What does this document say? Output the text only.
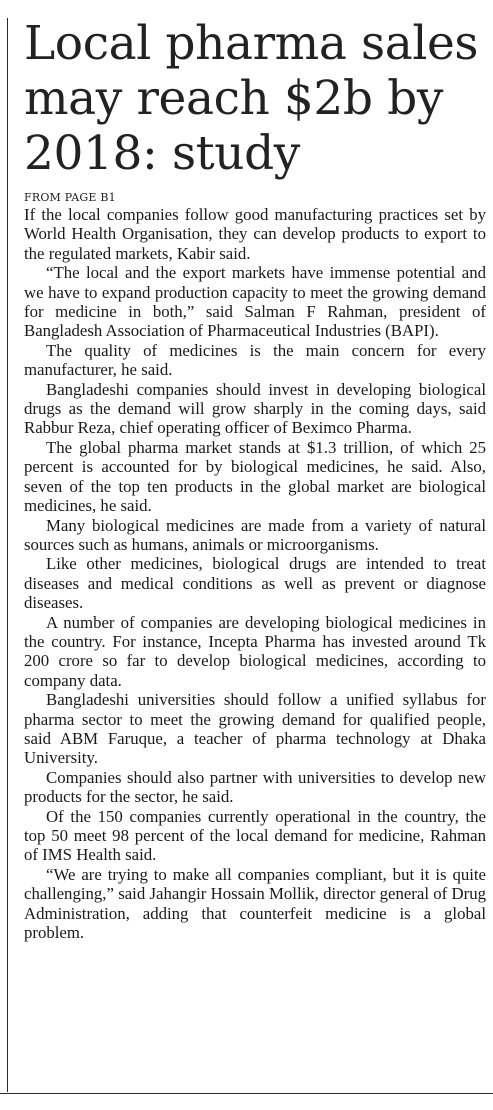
Local pharma sales
may reach $2b by
2018: study
FROM PAGE B1

If the local companies follow good manufacturing practices set by World Health Organisation, they can develop products to export to the regulated markets, Kabir said.

“The local and the export markets have immense potential and we have to expand production capacity to meet the growing demand for medicine in both,” said Salman F Rahman, president of Bangladesh Association of Pharmaceutical Industries (BAPI).

The quality of medicines is the main concern for every manufacturer, he said.

Bangladeshi companies should invest in developing biological drugs as the demand will grow sharply in the coming days, said Rabbur Reza, chief operating officer of Beximco Pharma.

The global pharma market stands at $1.3 trillion, of which 25 percent is accounted for by biological medicines, he said. Also, seven of the top ten products in the global market are biological medicines, he said.

Many biological medicines are made from a variety of natural sources such as humans, animals or microorganisms.

Like other medicines, biological drugs are intended to treat diseases and medical conditions as well as prevent or diagnose diseases.

A number of companies are developing biological medicines in the country. For instance, Incepta Pharma has invested around Tk 200 crore so far to develop biological medicines, according to company data.

Bangladeshi universities should follow a unified syllabus for pharma sector to meet the growing demand for qualified people, said ABM Faruque, a teacher of pharma technology at Dhaka University.

Companies should also partner with universities to develop new products for the sector, he said.

Of the 150 companies currently operational in the country, the top 50 meet 98 percent of the local demand for medicine, Rahman of IMS Health said.

“We are trying to make all companies compliant, but it is quite challenging,” said Jahangir Hossain Mollik, director general of Drug Administration, adding that counterfeit medicine is a global problem.
